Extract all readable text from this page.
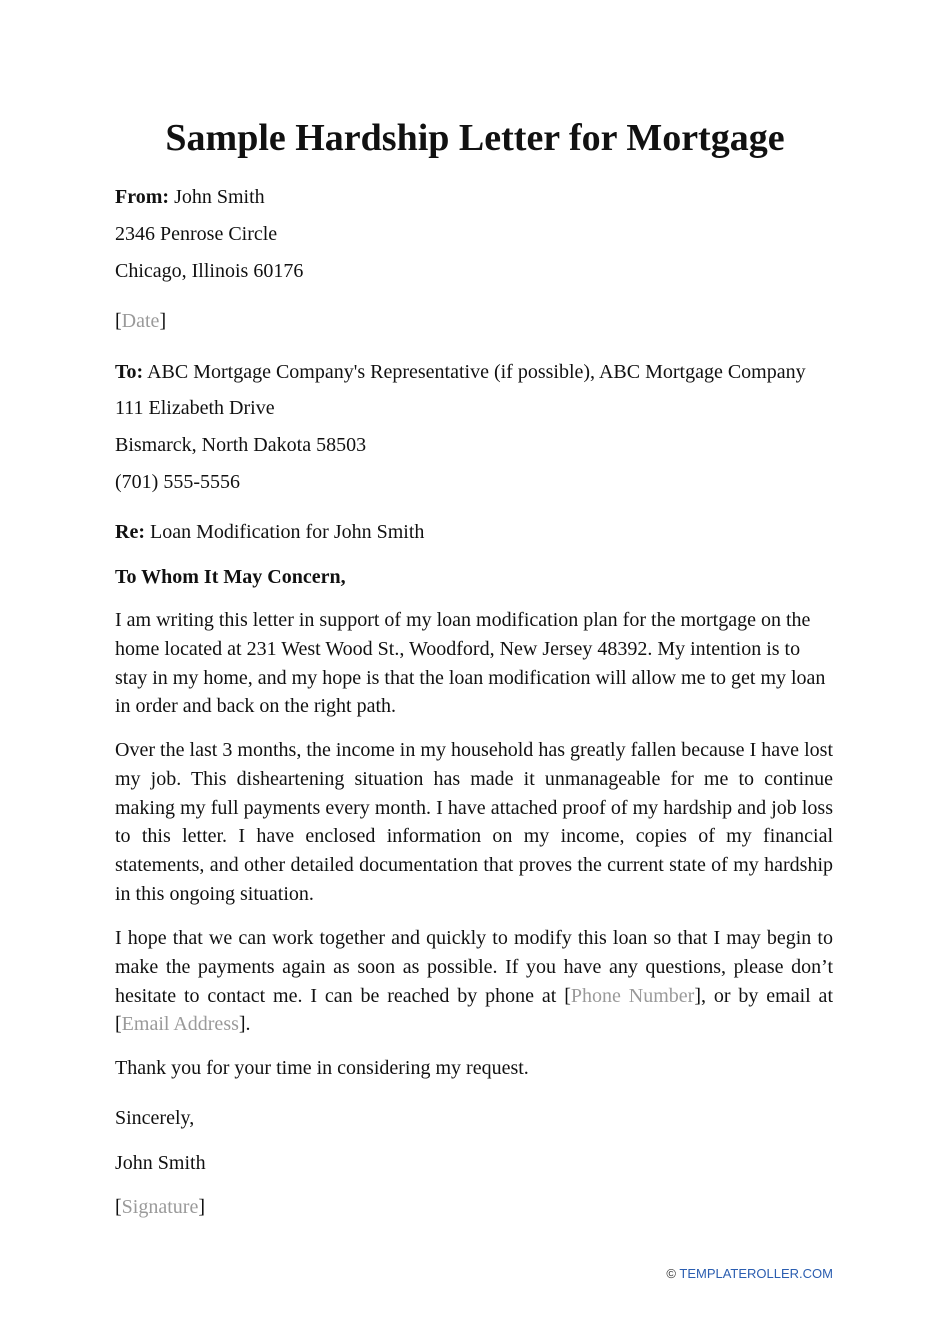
Sample Hardship Letter for Mortgage
From: John Smith
2346 Penrose Circle
Chicago, Illinois 60176
[Date]
To: ABC Mortgage Company's Representative (if possible), ABC Mortgage Company
111 Elizabeth Drive
Bismarck, North Dakota 58503
(701) 555-5556
Re: Loan Modification for John Smith
To Whom It May Concern,

I am writing this letter in support of my loan modification plan for the mortgage on the home located at 231 West Wood St., Woodford, New Jersey 48392. My intention is to stay in my home, and my hope is that the loan modification will allow me to get my loan in order and back on the right path.

Over the last 3 months, the income in my household has greatly fallen because I have lost my job. This disheartening situation has made it unmanageable for me to continue making my full payments every month. I have attached proof of my hardship and job loss to this letter. I have enclosed information on my income, copies of my financial statements, and other detailed documentation that proves the current state of my hardship in this ongoing situation.

I hope that we can work together and quickly to modify this loan so that I may begin to make the payments again as soon as possible. If you have any questions, please don’t hesitate to contact me. I can be reached by phone at [Phone Number], or by email at [Email Address].

Thank you for your time in considering my request.

Sincerely,
John Smith
[Signature]
© TEMPLATEROLLER.COM
